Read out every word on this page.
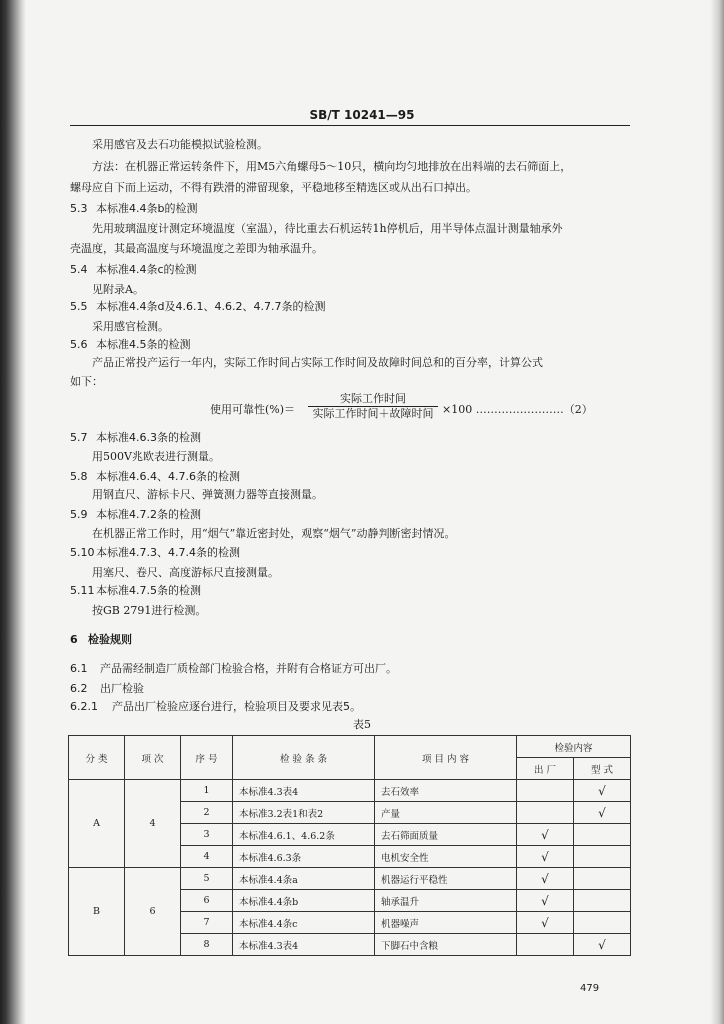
SB/T 10241—95
采用感官及去石功能模拟试验检测。
方法：在机器正常运转条件下，用M5六角螺母5～10只，横向均匀地排放在出料端的去石筛面上，
螺母应自下而上运动，不得有跌滑的滞留现象，平稳地移至精选区或从出石口掉出。
5.3 本标准4.4条b的检测
先用玻璃温度计测定环境温度（室温），待比重去石机运转1h停机后，用半导体点温计测量轴承外
壳温度，其最高温度与环境温度之差即为轴承温升。
5.4 本标准4.4条c的检测
见附录A。
5.5 本标准4.4条d及4.6.1、4.6.2、4.7.7条的检测
采用感官检测。
5.6 本标准4.5条的检测
产品正常投产运行一年内，实际工作时间占实际工作时间及故障时间总和的百分率，计算公式
如下：
使用可靠性(%)＝
实际工作时间
实际工作时间＋故障时间 ×100 ……………………（2）
5.7 本标准4.6.3条的检测
用500V兆欧表进行测量。
5.8 本标准4.6.4、4.7.6条的检测
用钢直尺、游标卡尺、弹簧测力器等直接测量。
5.9 本标准4.7.2条的检测
在机器正常工作时，用“烟气”靠近密封处，观察“烟气”动静判断密封情况。
5.10 本标准4.7.3、4.7.4条的检测
用塞尺、卷尺、高度游标尺直接测量。
5.11 本标准4.7.5条的检测
按GB 2791进行检测。
6 检验规则
6.1 产品需经制造厂质检部门检验合格，并附有合格证方可出厂。
6.2 出厂检验
6.2.1 产品出厂检验应逐台进行，检验项目及要求见表5。
表5
分 类	项 次	序 号	检 验 条 条	项 目 内 容	检验内容	
					出 厂	型 式
A	4	1	本标准4.3表4	去石效率		√
		2	本标准3.2表1和表2	产量		√
		3	本标准4.6.1、4.6.2条	去石筛面质量	√	
		4	本标准4.6.3条	电机安全性	√	
B	6	5	本标准4.4条a	机器运行平稳性	√	
		6	本标准4.4条b	轴承温升	√	
		7	本标准4.4条c	机器噪声	√	
		8	本标准4.3表4	下脚石中含粮		√
479
